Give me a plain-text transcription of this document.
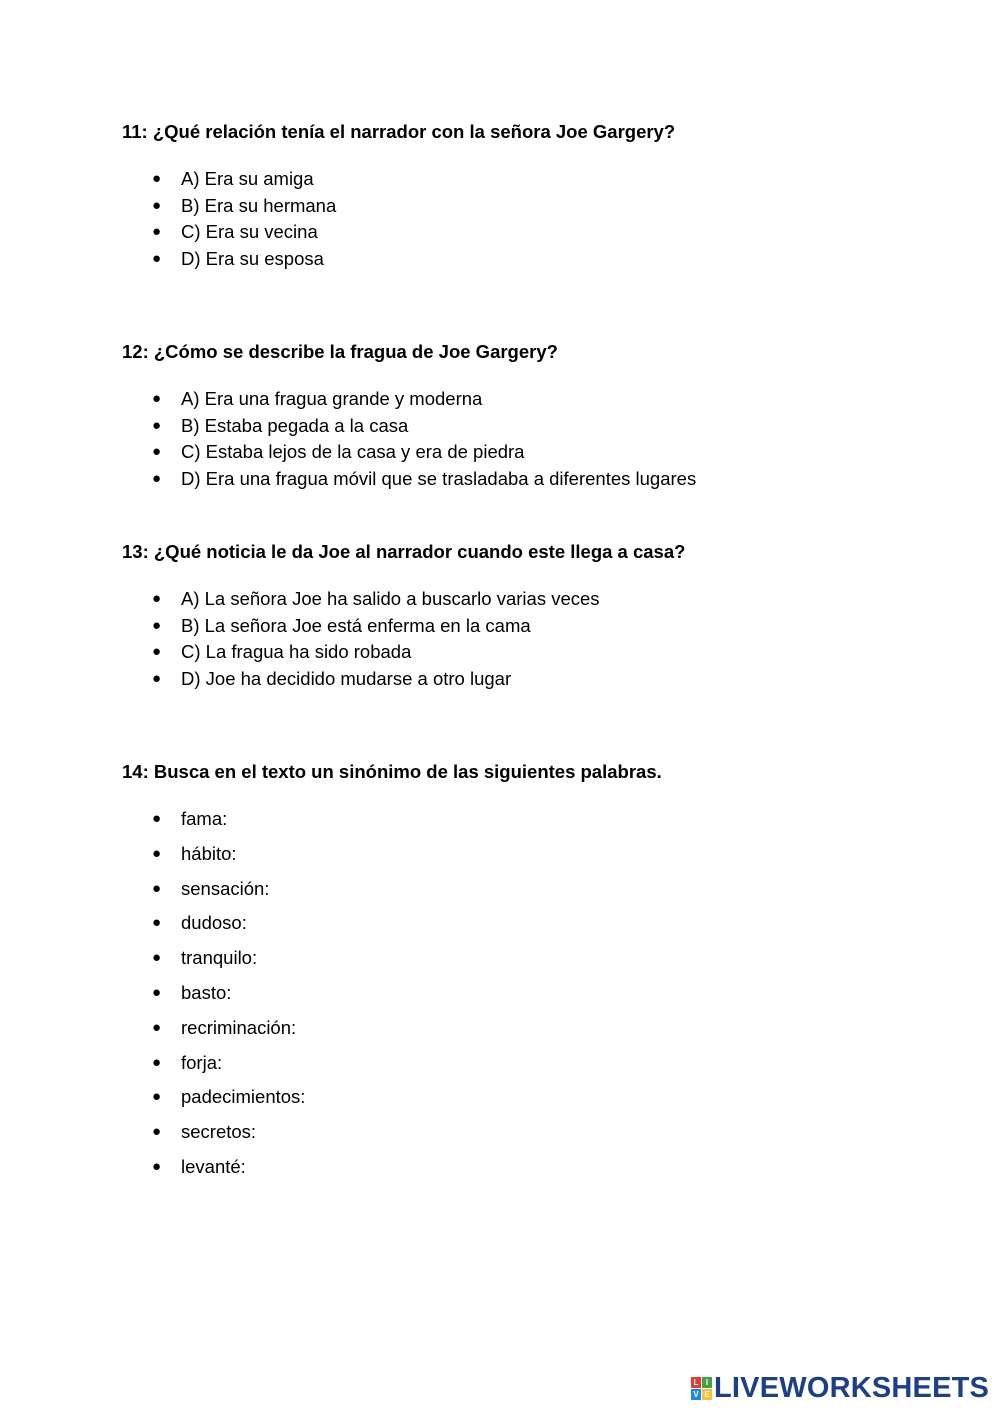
11: ¿Qué relación tenía el narrador con la señora Joe Gargery?
● A) Era su amiga
● B) Era su hermana
● C) Era su vecina
● D) Era su esposa
12: ¿Cómo se describe la fragua de Joe Gargery?
● A) Era una fragua grande y moderna
● B) Estaba pegada a la casa
● C) Estaba lejos de la casa y era de piedra
● D) Era una fragua móvil que se trasladaba a diferentes lugares
13: ¿Qué noticia le da Joe al narrador cuando este llega a casa?
● A) La señora Joe ha salido a buscarlo varias veces
● B) La señora Joe está enferma en la cama
● C) La fragua ha sido robada
● D) Joe ha decidido mudarse a otro lugar
14: Busca en el texto un sinónimo de las siguientes palabras.
● fama:
● hábito:
● sensación:
● dudoso:
● tranquilo:
● basto:
● recriminación:
● forja:
● padecimientos:
● secretos:
● levanté:
L I
V E LIVEWORKSHEETS
